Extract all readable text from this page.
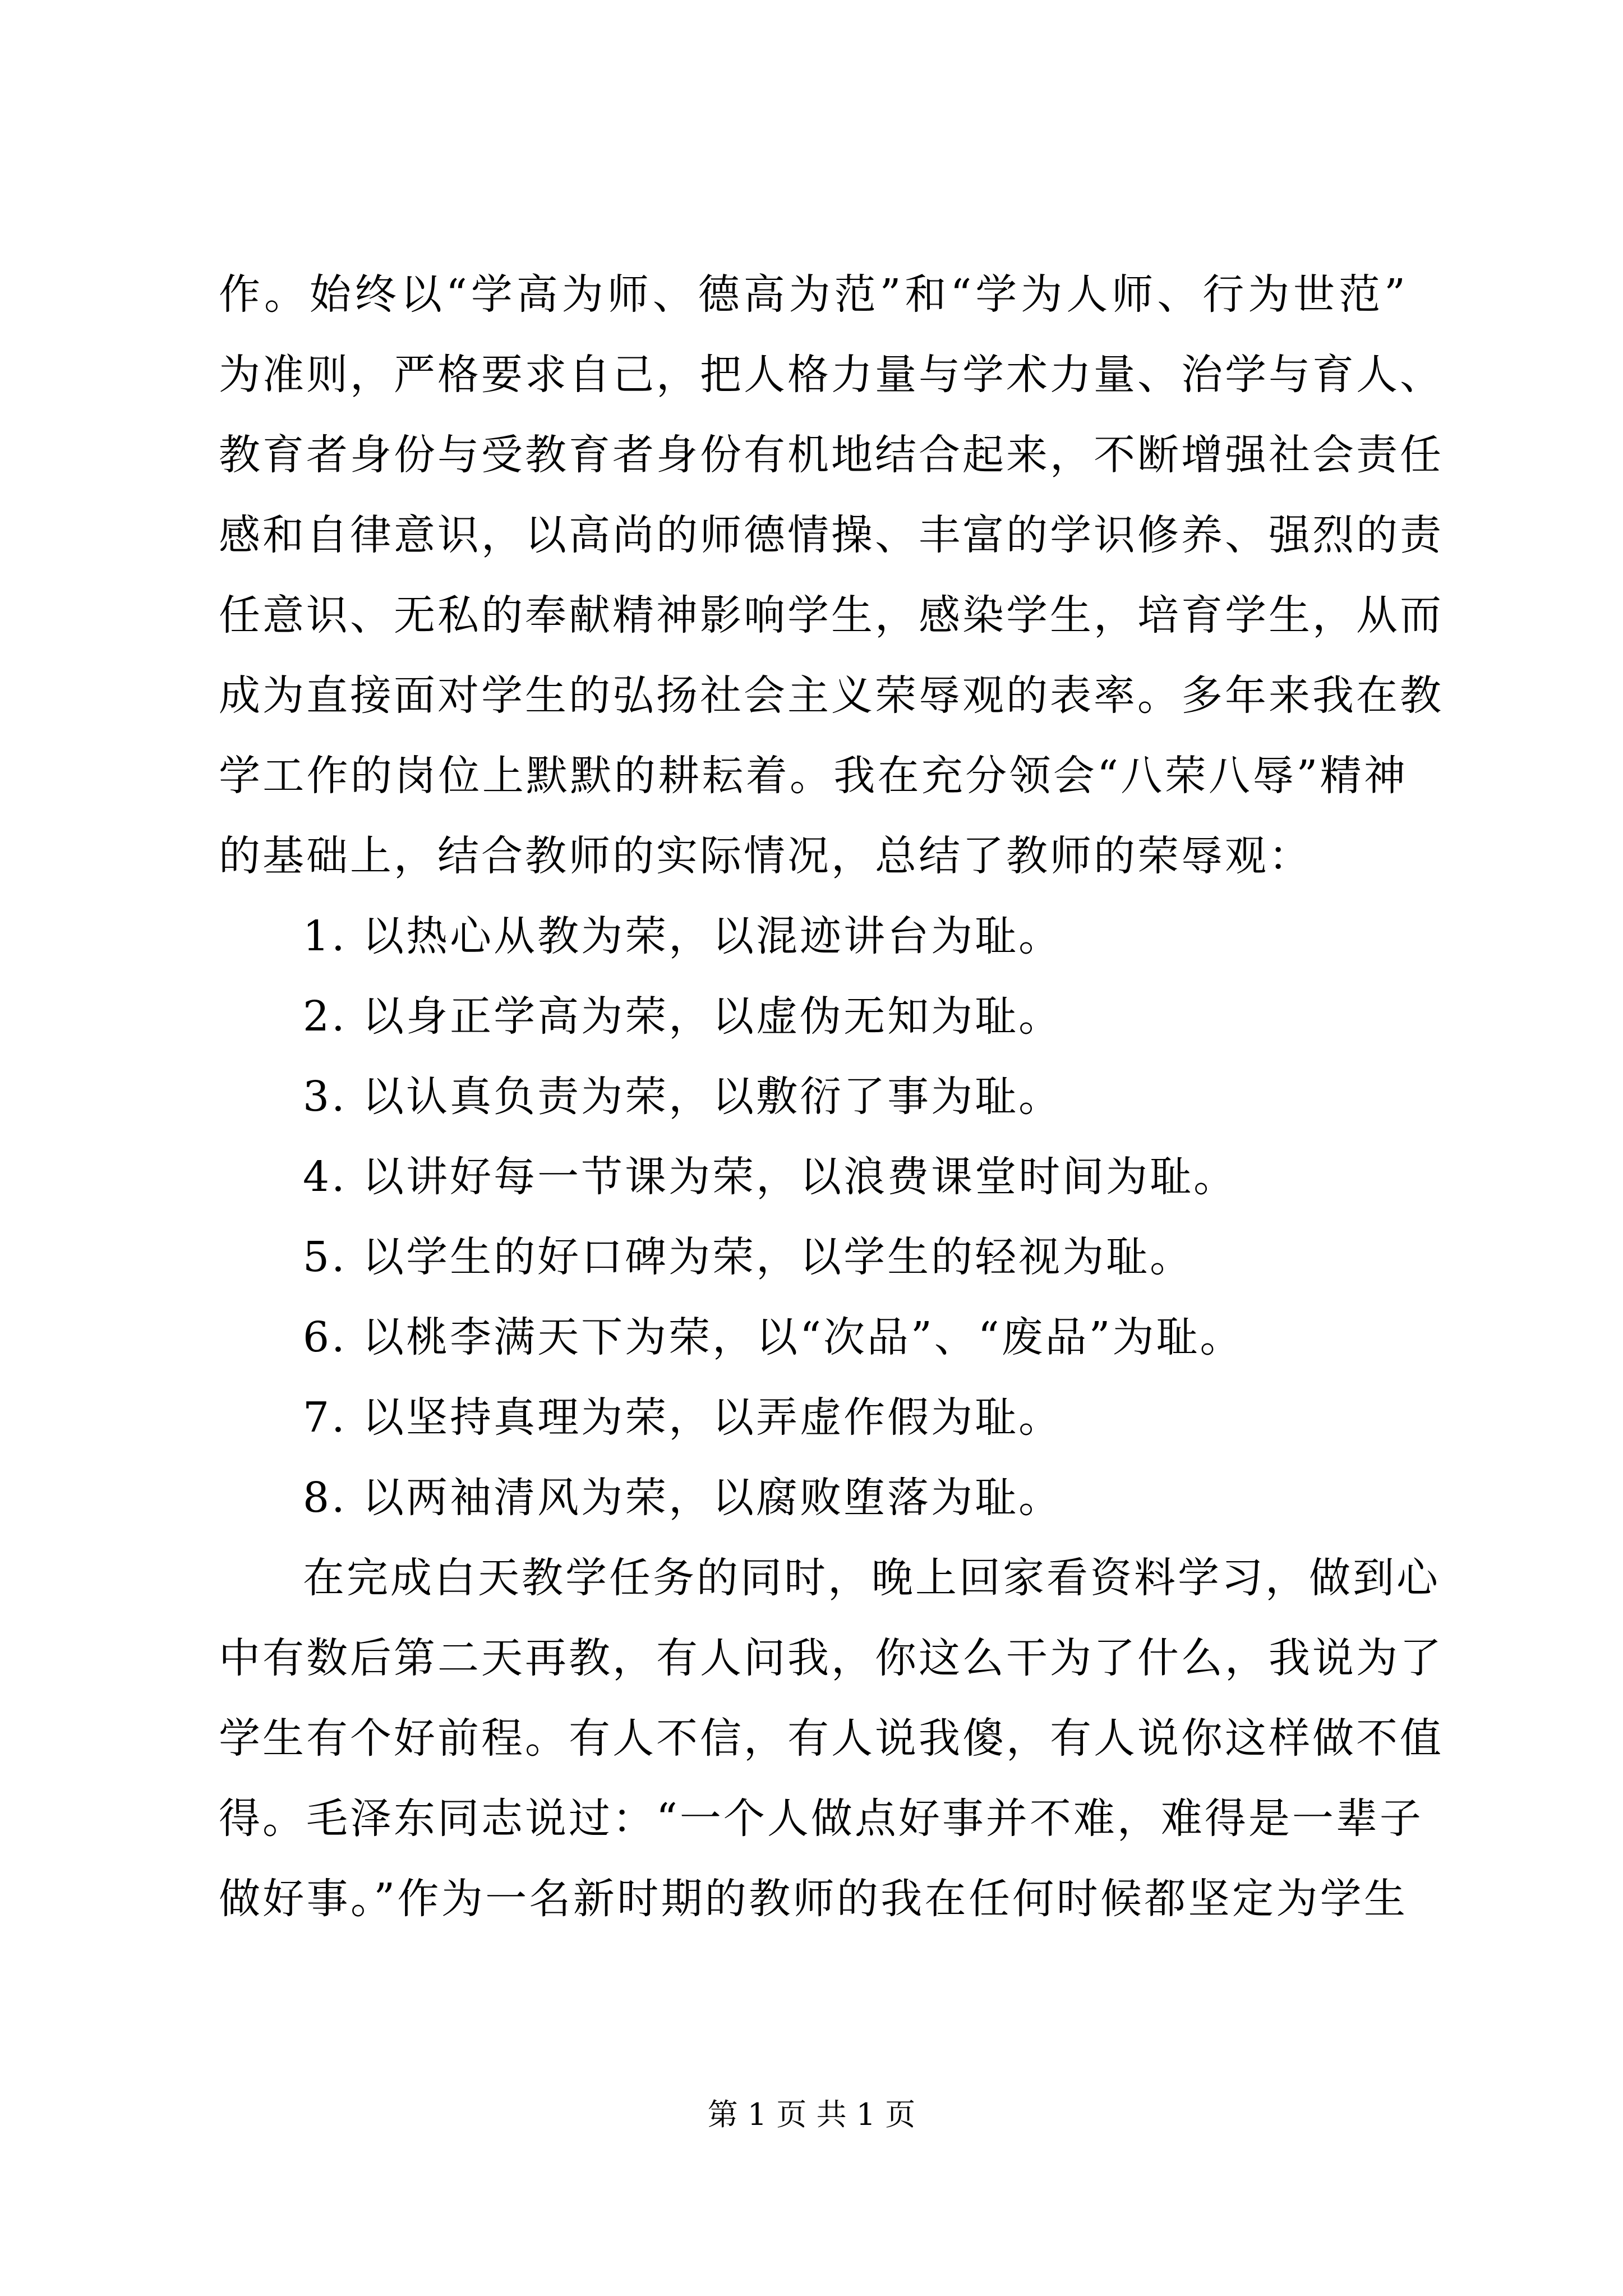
作。始终以“学高为师、德高为范”和“学为人师、行为世范”
为准则，严格要求自己，把人格力量与学术力量、治学与育人、
教育者身份与受教育者身份有机地结合起来，不断增强社会责任
感和自律意识，以高尚的师德情操、丰富的学识修养、强烈的责
任意识、无私的奉献精神影响学生，感染学生，培育学生，从而
成为直接面对学生的弘扬社会主义荣辱观的表率。多年来我在教
学工作的岗位上默默的耕耘着。我在充分领会“八荣八辱”精神
的基础上，结合教师的实际情况，总结了教师的荣辱观：
1. 以热心从教为荣，以混迹讲台为耻。
2. 以身正学高为荣，以虚伪无知为耻。
3. 以认真负责为荣，以敷衍了事为耻。
4. 以讲好每一节课为荣，以浪费课堂时间为耻。
5. 以学生的好口碑为荣，以学生的轻视为耻。
6. 以桃李满天下为荣，以“次品”、“废品”为耻。
7. 以坚持真理为荣，以弄虚作假为耻。
8. 以两袖清风为荣，以腐败堕落为耻。
在完成白天教学任务的同时，晚上回家看资料学习，做到心
中有数后第二天再教，有人问我，你这么干为了什么，我说为了
学生有个好前程。有人不信，有人说我傻，有人说你这样做不值
得。毛泽东同志说过：“一个人做点好事并不难，难得是一辈子
做好事。”作为一名新时期的教师的我在任何时候都坚定为学生
第 1 页 共 1 页
